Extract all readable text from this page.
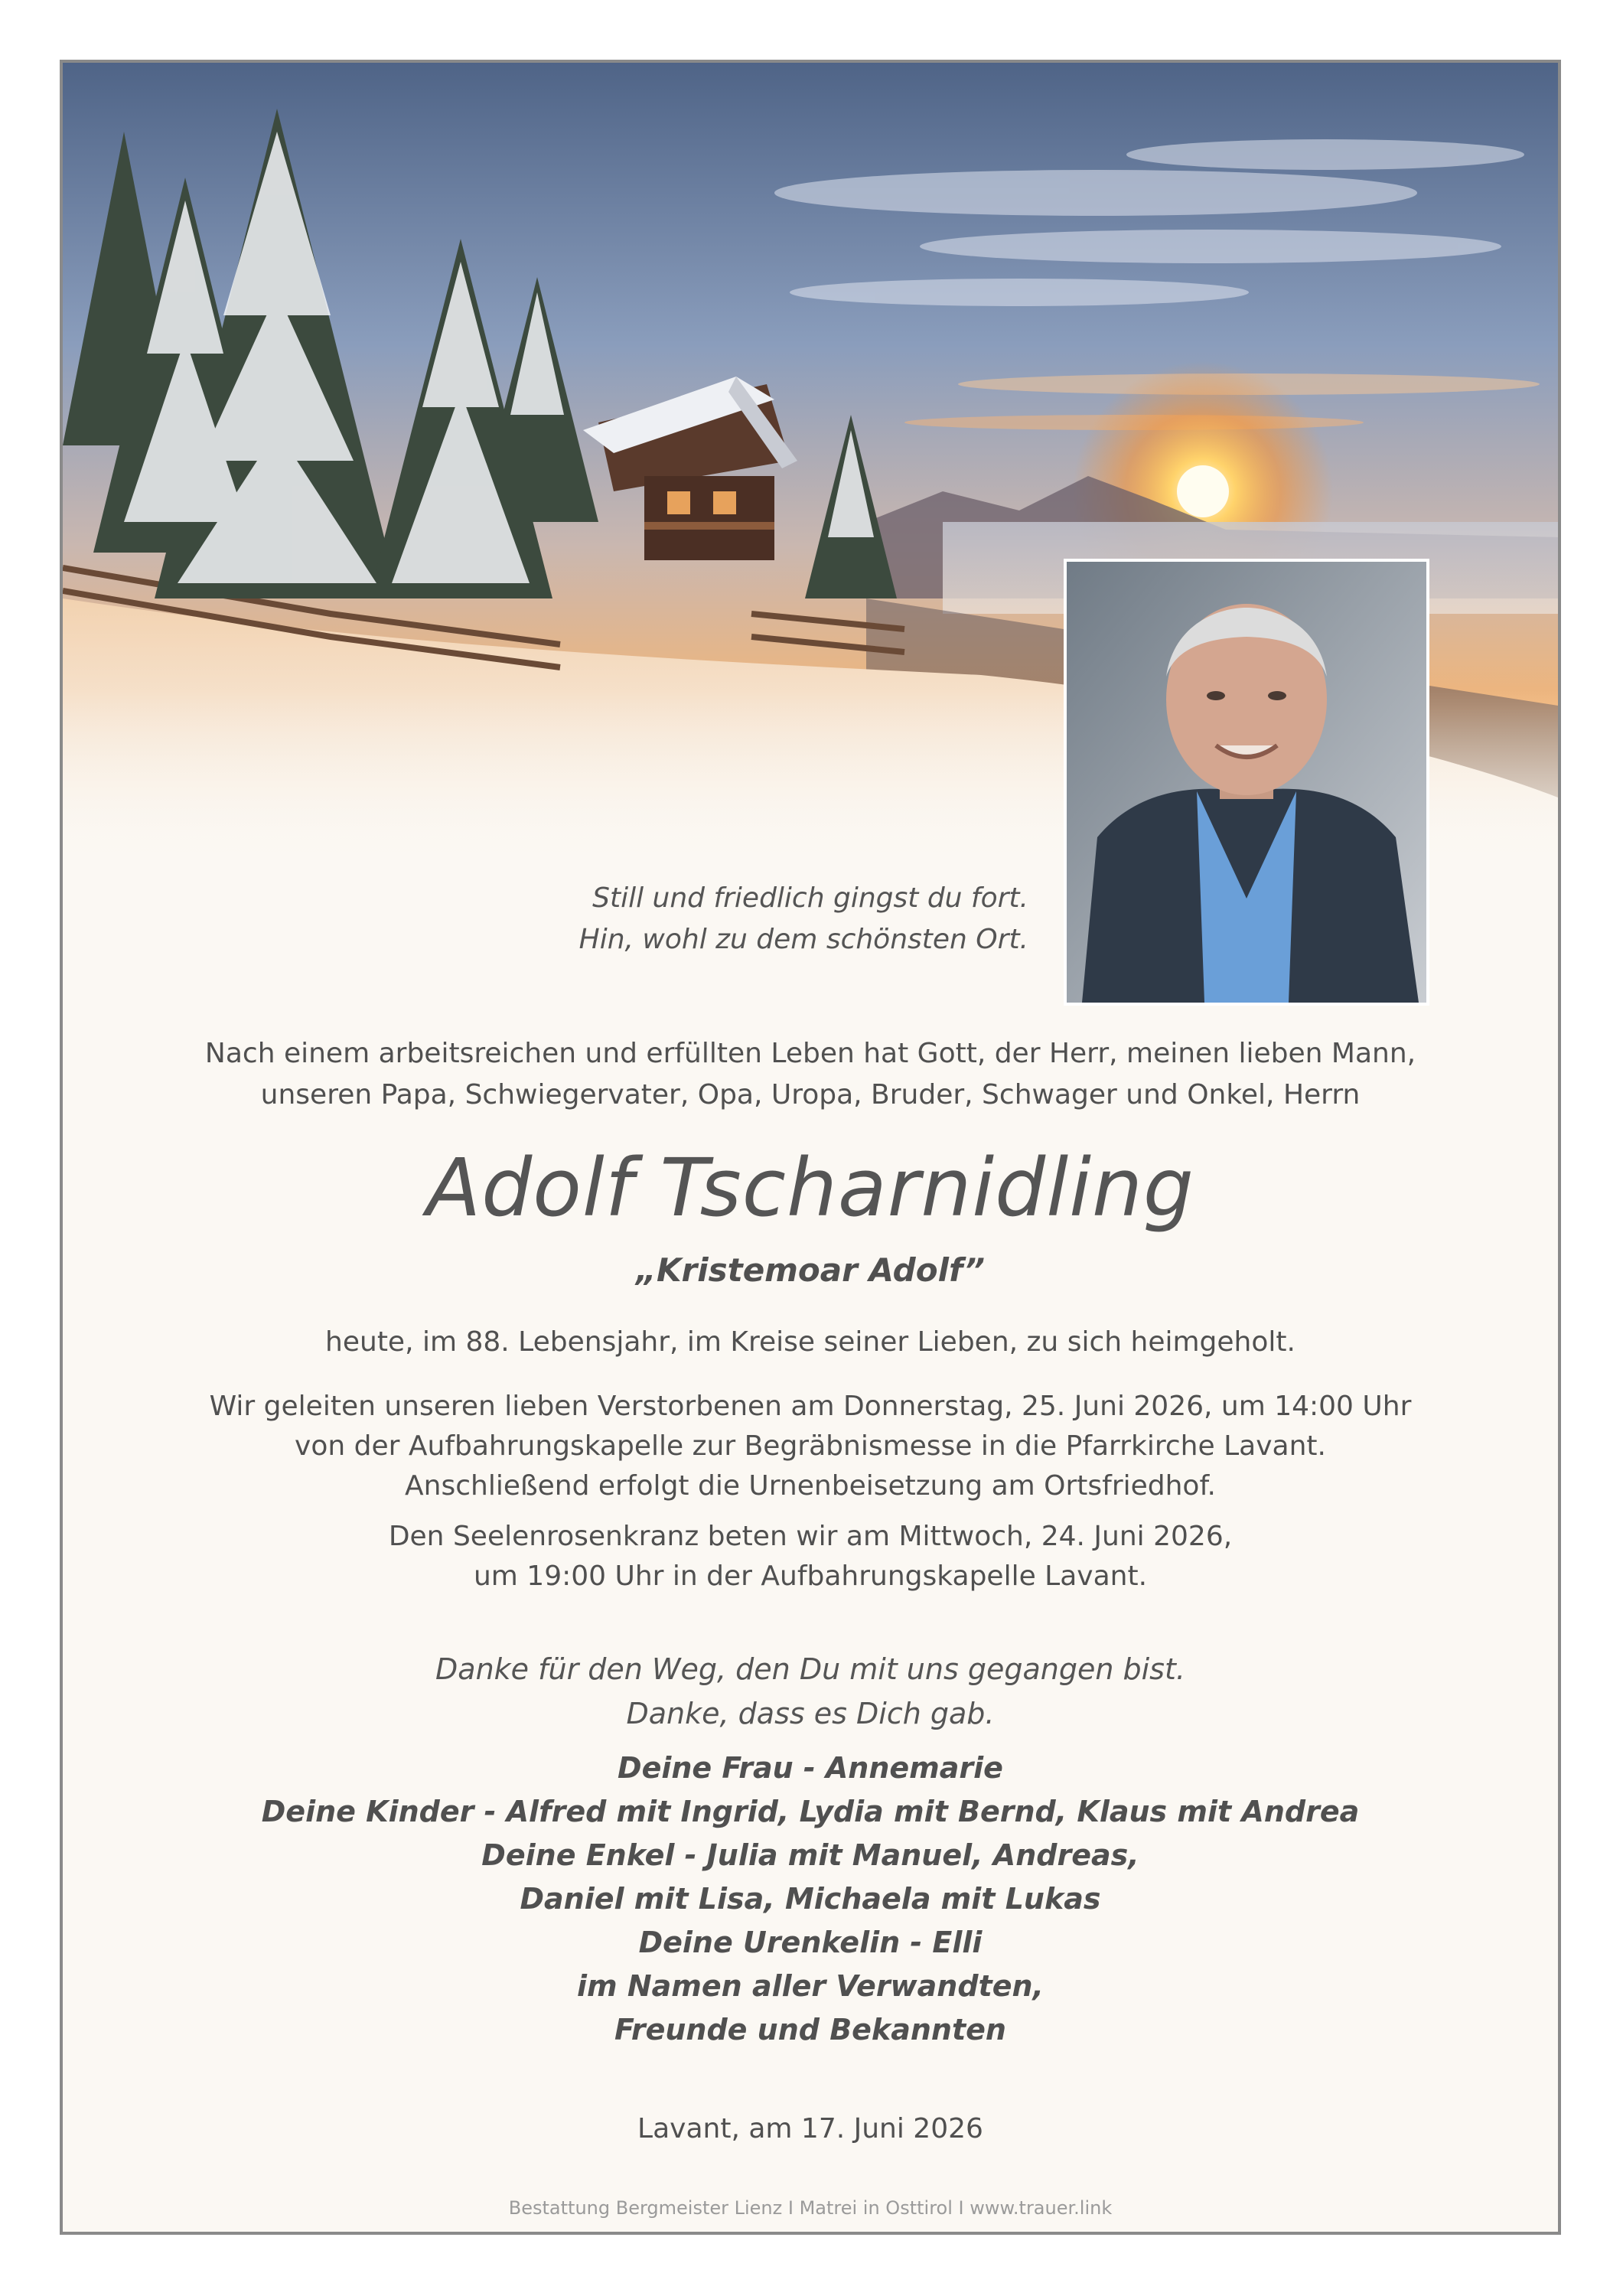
Still und friedlich gingst du fort.
Hin, wohl zu dem schönsten Ort.
Nach einem arbeitsreichen und erfüllten Leben hat Gott, der Herr, meinen lieben Mann,
unseren Papa, Schwiegervater, Opa, Uropa, Bruder, Schwager und Onkel, Herrn
Adolf Tscharnidling
„Kristemoar Adolf”
heute, im 88. Lebensjahr, im Kreise seiner Lieben, zu sich heimgeholt.
Wir geleiten unseren lieben Verstorbenen am Donnerstag, 25. Juni 2026, um 14:00 Uhr
von der Aufbahrungskapelle zur Begräbnismesse in die Pfarrkirche Lavant.
Anschließend erfolgt die Urnenbeisetzung am Ortsfriedhof.
Den Seelenrosenkranz beten wir am Mittwoch, 24. Juni 2026,
um 19:00 Uhr in der Aufbahrungskapelle Lavant.
Danke für den Weg, den Du mit uns gegangen bist.
Danke, dass es Dich gab.
Deine Frau - Annemarie
Deine Kinder - Alfred mit Ingrid, Lydia mit Bernd, Klaus mit Andrea
Deine Enkel - Julia mit Manuel, Andreas,
Daniel mit Lisa, Michaela mit Lukas
Deine Urenkelin - Elli
im Namen aller Verwandten,
Freunde und Bekannten
Lavant, am 17. Juni 2026
Bestattung Bergmeister Lienz I Matrei in Osttirol I www.trauer.link
